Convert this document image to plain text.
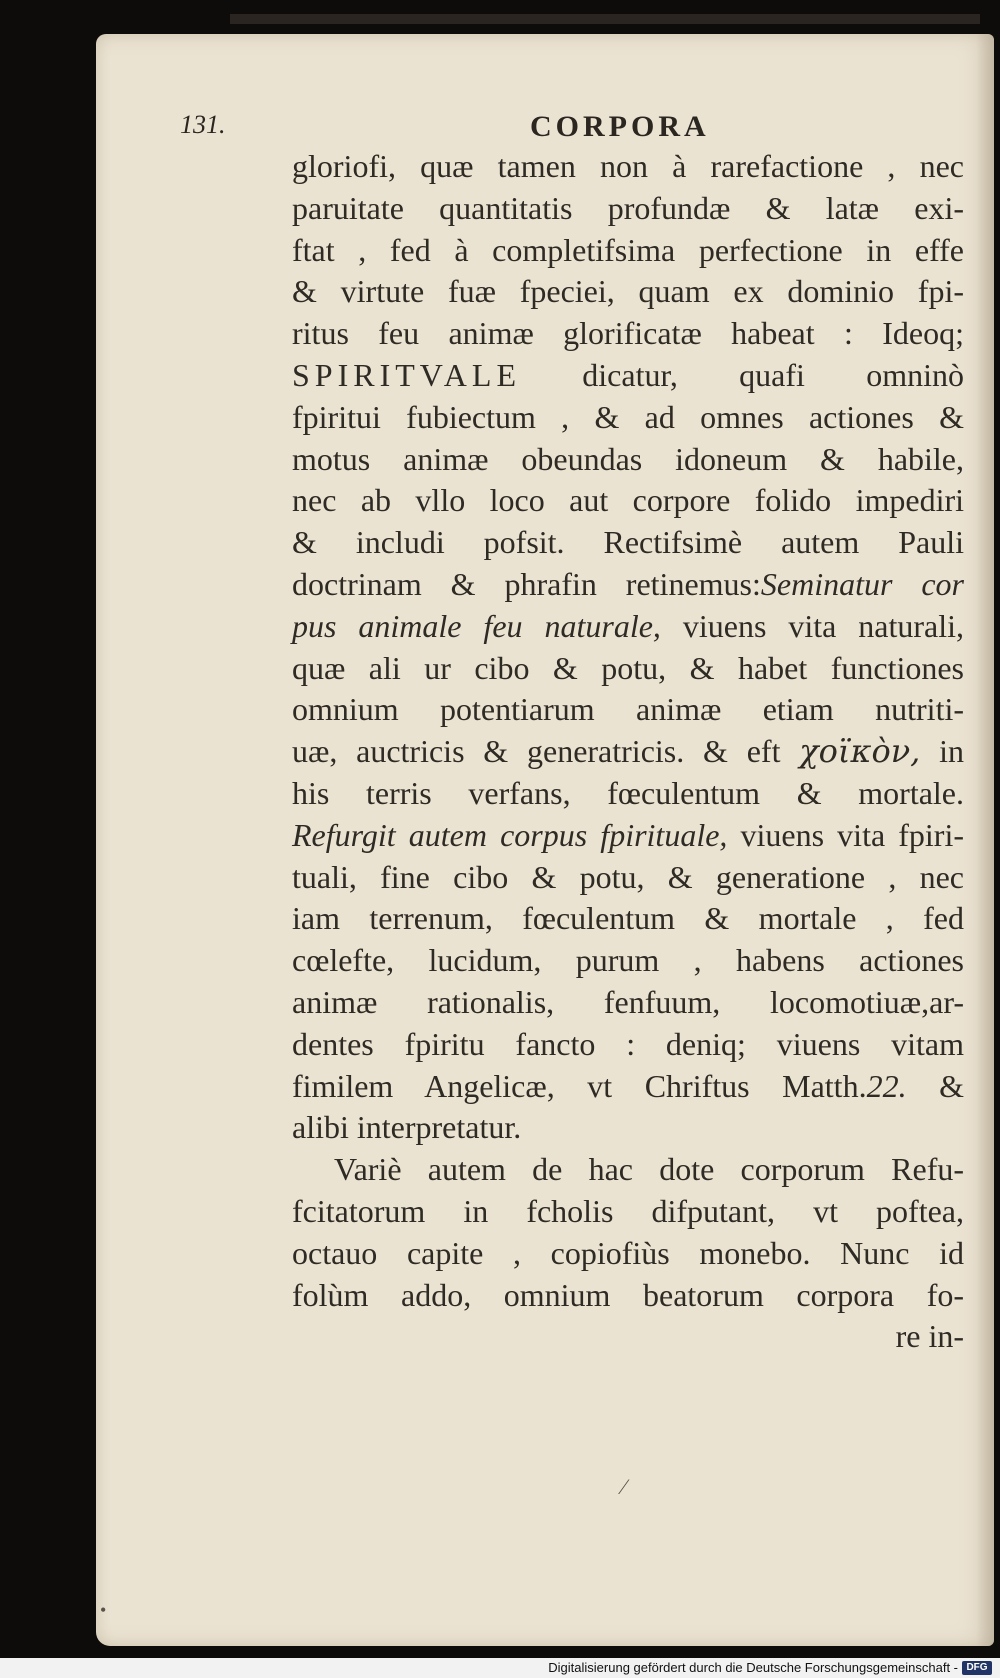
131.	CORPORA
gloriofi, quæ tamen non à rarefactione , nec
paruitate quantitatis profundæ & latæ exi-
ftat , fed à completifsima perfectione in effe
& virtute fuæ fpeciei, quam ex dominio fpi-
ritus feu animæ glorificatæ habeat : Ideoq;
SPIRITVALE dicatur, quafi omninò
fpiritui fubiectum , & ad omnes actiones &
motus animæ obeundas idoneum & habile,
nec ab vllo loco aut corpore folido impediri
& includi pofsit. Rectifsimè autem Pauli
doctrinam & phrafin retinemus:Seminatur cor
pus animale feu naturale, viuens vita naturali,
quæ ali ur cibo & potu, & habet functiones
omnium potentiarum animæ etiam nutriti-
uæ, auctricis & generatricis. & eft χοϊκὸν, in
his terris verfans, fœculentum & mortale.
Refurgit autem corpus fpirituale, viuens vita fpiri-
tuali, fine cibo & potu, & generatione , nec
iam terrenum, fœculentum & mortale , fed
cœlefte, lucidum, purum , habens actiones
animæ rationalis, fenfuum, locomotiuæ,ar-
dentes fpiritu fancto : deniq; viuens vitam
fimilem Angelicæ, vt Chriftus Matth.22. &
alibi interpretatur.
Variè autem de hac dote corporum Refu-
fcitatorum in fcholis difputant, vt poftea,
octauo capite , copiofiùs monebo. Nunc id
folùm addo, omnium beatorum corpora fo-
re in-
⁄
•
Digitalisierung gefördert durch die Deutsche Forschungsgemeinschaft - DFG
